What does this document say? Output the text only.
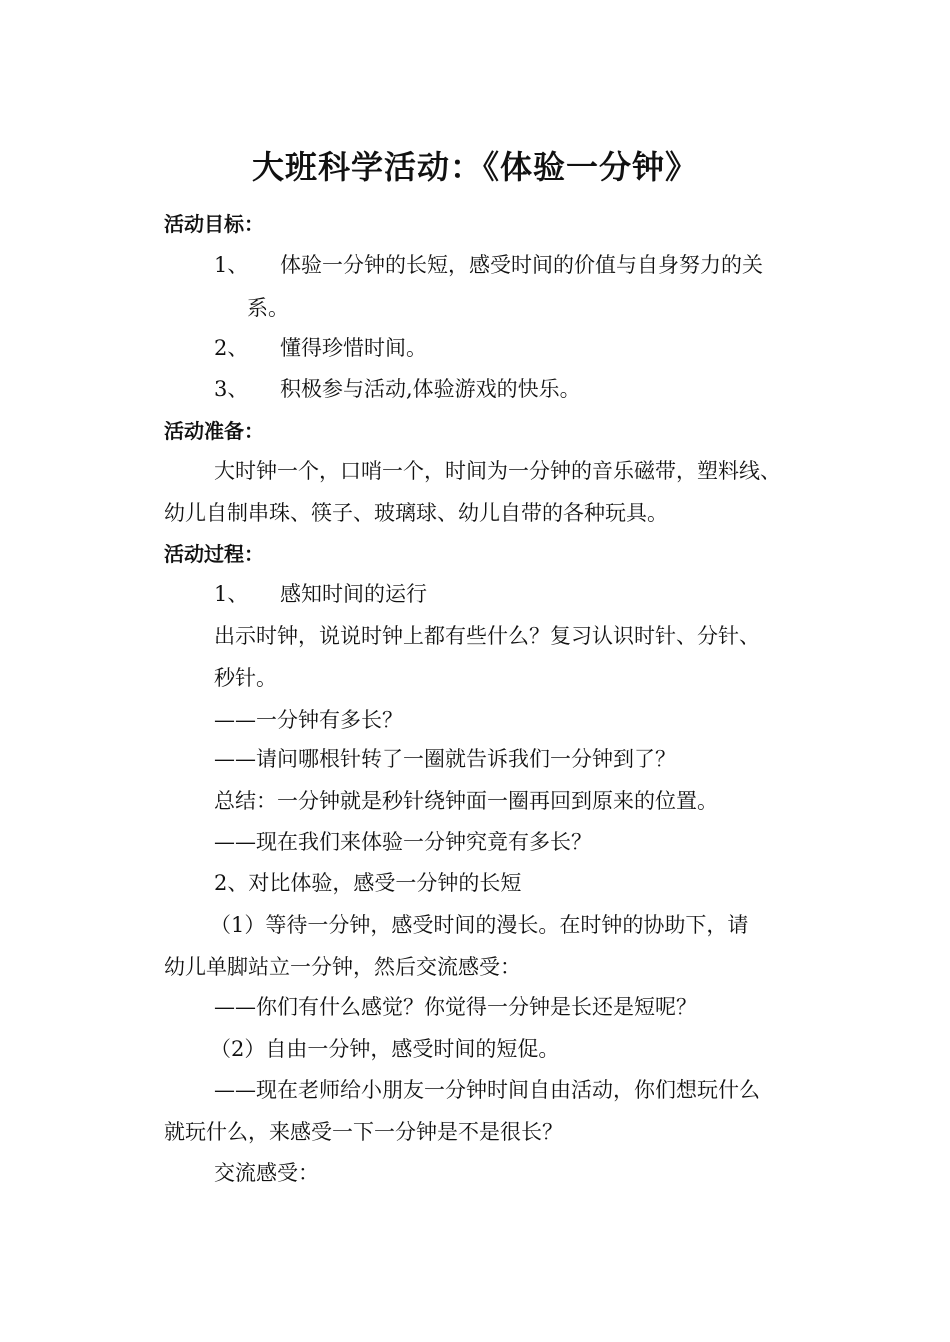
大班科学活动：《体验一分钟》
活动目标：
1、 体验一分钟的长短，感受时间的价值与自身努力的关
系。
2、 懂得珍惜时间。
3、 积极参与活动,体验游戏的快乐。
活动准备：
大时钟一个，口哨一个，时间为一分钟的音乐磁带，塑料线、
幼儿自制串珠、筷子、玻璃球、幼儿自带的各种玩具。
活动过程：
1、 感知时间的运行
出示时钟，说说时钟上都有些什么？复习认识时针、分针、
秒针。
——一分钟有多长？
——请问哪根针转了一圈就告诉我们一分钟到了？
总结：一分钟就是秒针绕钟面一圈再回到原来的位置。
——现在我们来体验一分钟究竟有多长？
2、对比体验，感受一分钟的长短
（1）等待一分钟，感受时间的漫长。在时钟的协助下，请
幼儿单脚站立一分钟，然后交流感受：
——你们有什么感觉？你觉得一分钟是长还是短呢？
（2）自由一分钟，感受时间的短促。
——现在老师给小朋友一分钟时间自由活动，你们想玩什么
就玩什么，来感受一下一分钟是不是很长？
交流感受：
